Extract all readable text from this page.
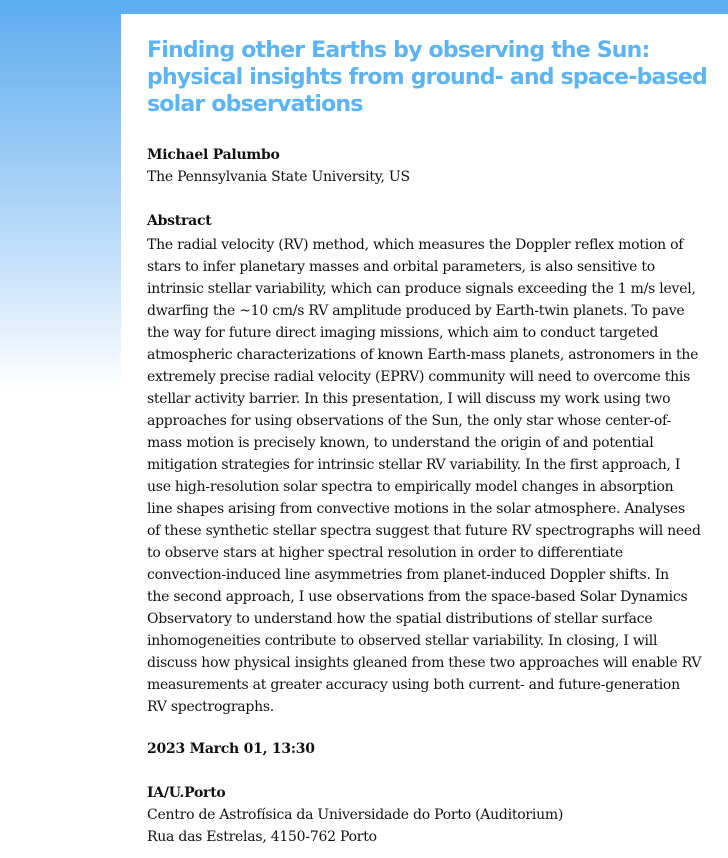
Finding other Earths by observing the Sun: physical insights from ground- and space-based solar observations

Michael Palumbo

The Pennsylvania State University, US

Abstract

The radial velocity (RV) method, which measures the Doppler reflex motion of
stars to infer planetary masses and orbital parameters, is also sensitive to
intrinsic stellar variability, which can produce signals exceeding the 1 m/s level,
dwarfing the ~10 cm/s RV amplitude produced by Earth-twin planets. To pave
the way for future direct imaging missions, which aim to conduct targeted
atmospheric characterizations of known Earth-mass planets, astronomers in the
extremely precise radial velocity (EPRV) community will need to overcome this
stellar activity barrier. In this presentation, I will discuss my work using two
approaches for using observations of the Sun, the only star whose center-of-
mass motion is precisely known, to understand the origin of and potential
mitigation strategies for intrinsic stellar RV variability. In the first approach, I
use high-resolution solar spectra to empirically model changes in absorption
line shapes arising from convective motions in the solar atmosphere. Analyses
of these synthetic stellar spectra suggest that future RV spectrographs will need
to observe stars at higher spectral resolution in order to differentiate
convection-induced line asymmetries from planet-induced Doppler shifts. In
the second approach, I use observations from the space-based Solar Dynamics
Observatory to understand how the spatial distributions of stellar surface
inhomogeneities contribute to observed stellar variability. In closing, I will
discuss how physical insights gleaned from these two approaches will enable RV
measurements at greater accuracy using both current- and future-generation
RV spectrographs.

2023 March 01, 13:30

IA/U.Porto

Centro de Astrofísica da Universidade do Porto (Auditorium)

Rua das Estrelas, 4150-762 Porto
